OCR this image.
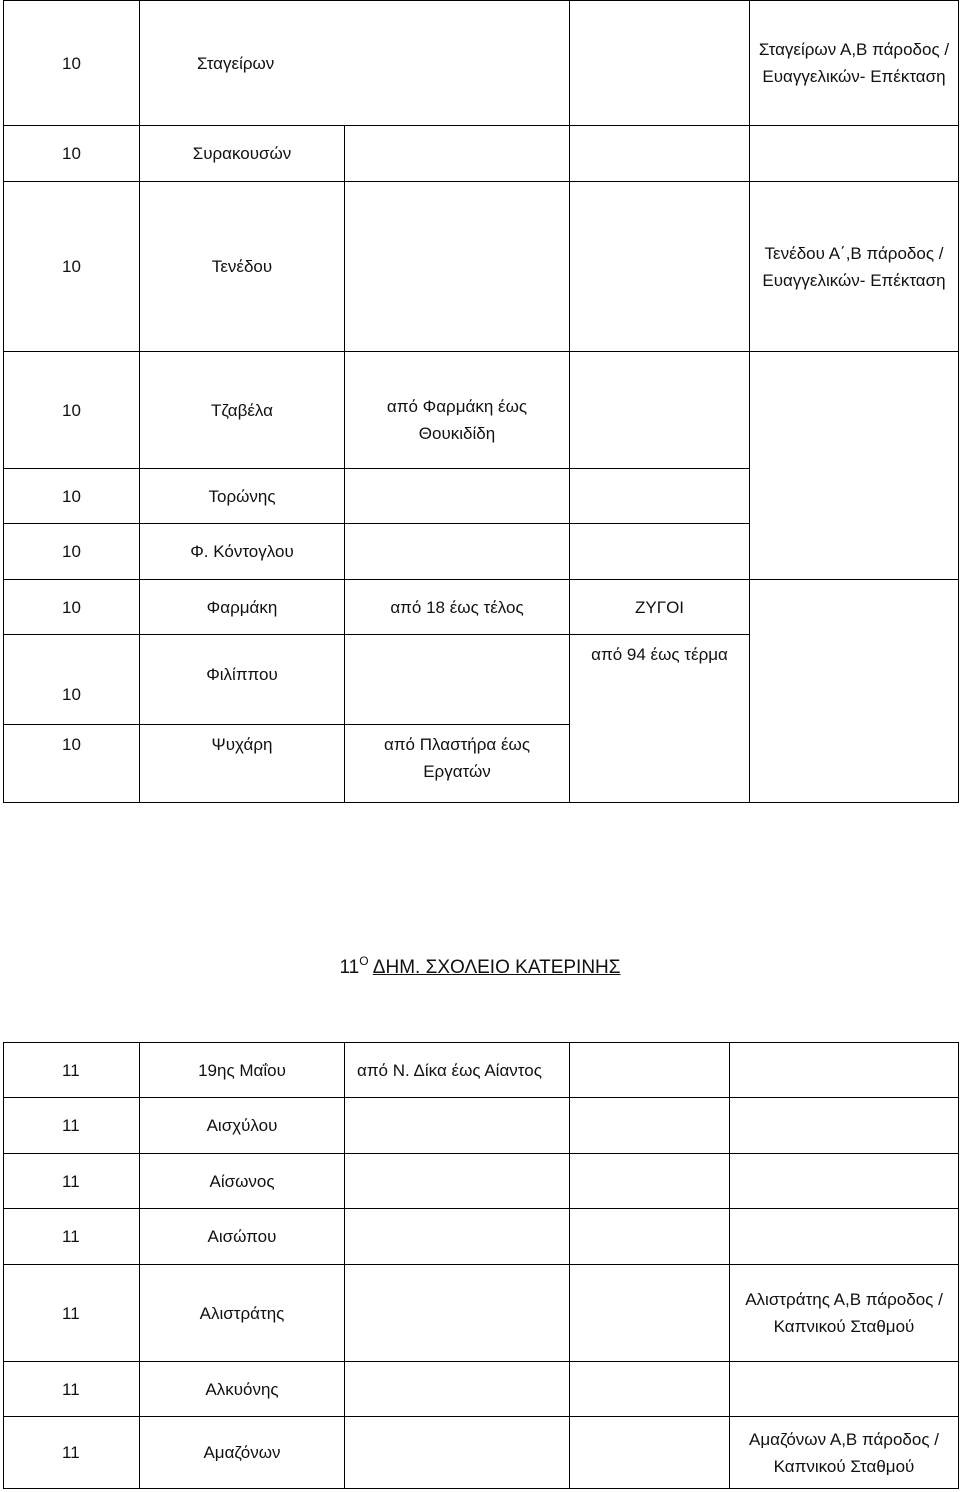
10	Σταγείρων			Σταγείρων Α,Β πάροδος / Ευαγγελικών- Επέκταση
10	Συρακουσών			
10	Τενέδου			Τενέδου Α΄,Β πάροδος / Ευαγγελικών- Επέκταση
10	Τζαβέλα	από Φαρμάκη έως Θουκιδίδη		
10	Τορώνης			
10	Φ. Κόντογλου			
10	Φαρμάκη	από 18 έως τέλος	ΖΥΓΟΙ	
10	Φιλίππου		από 94 έως τέρμα	
10	Ψυχάρη	από Πλαστήρα έως Εργατών		
$11^O$ ΔΗΜ. ΣΧΟΛΕΙΟ ΚΑΤΕΡΙΝΗΣ
11	19ης Μαΐου	από Ν. Δίκα έως Αίαντος		
11	Αισχύλου			
11	Αίσωνος			
11	Αισώπου			
11	Αλιστράτης			Αλιστράτης Α,Β πάροδος / Καπνικού Σταθμού
11	Αλκυόνης			
11	Αμαζόνων			Αμαζόνων Α,Β πάροδος / Καπνικού Σταθμού
